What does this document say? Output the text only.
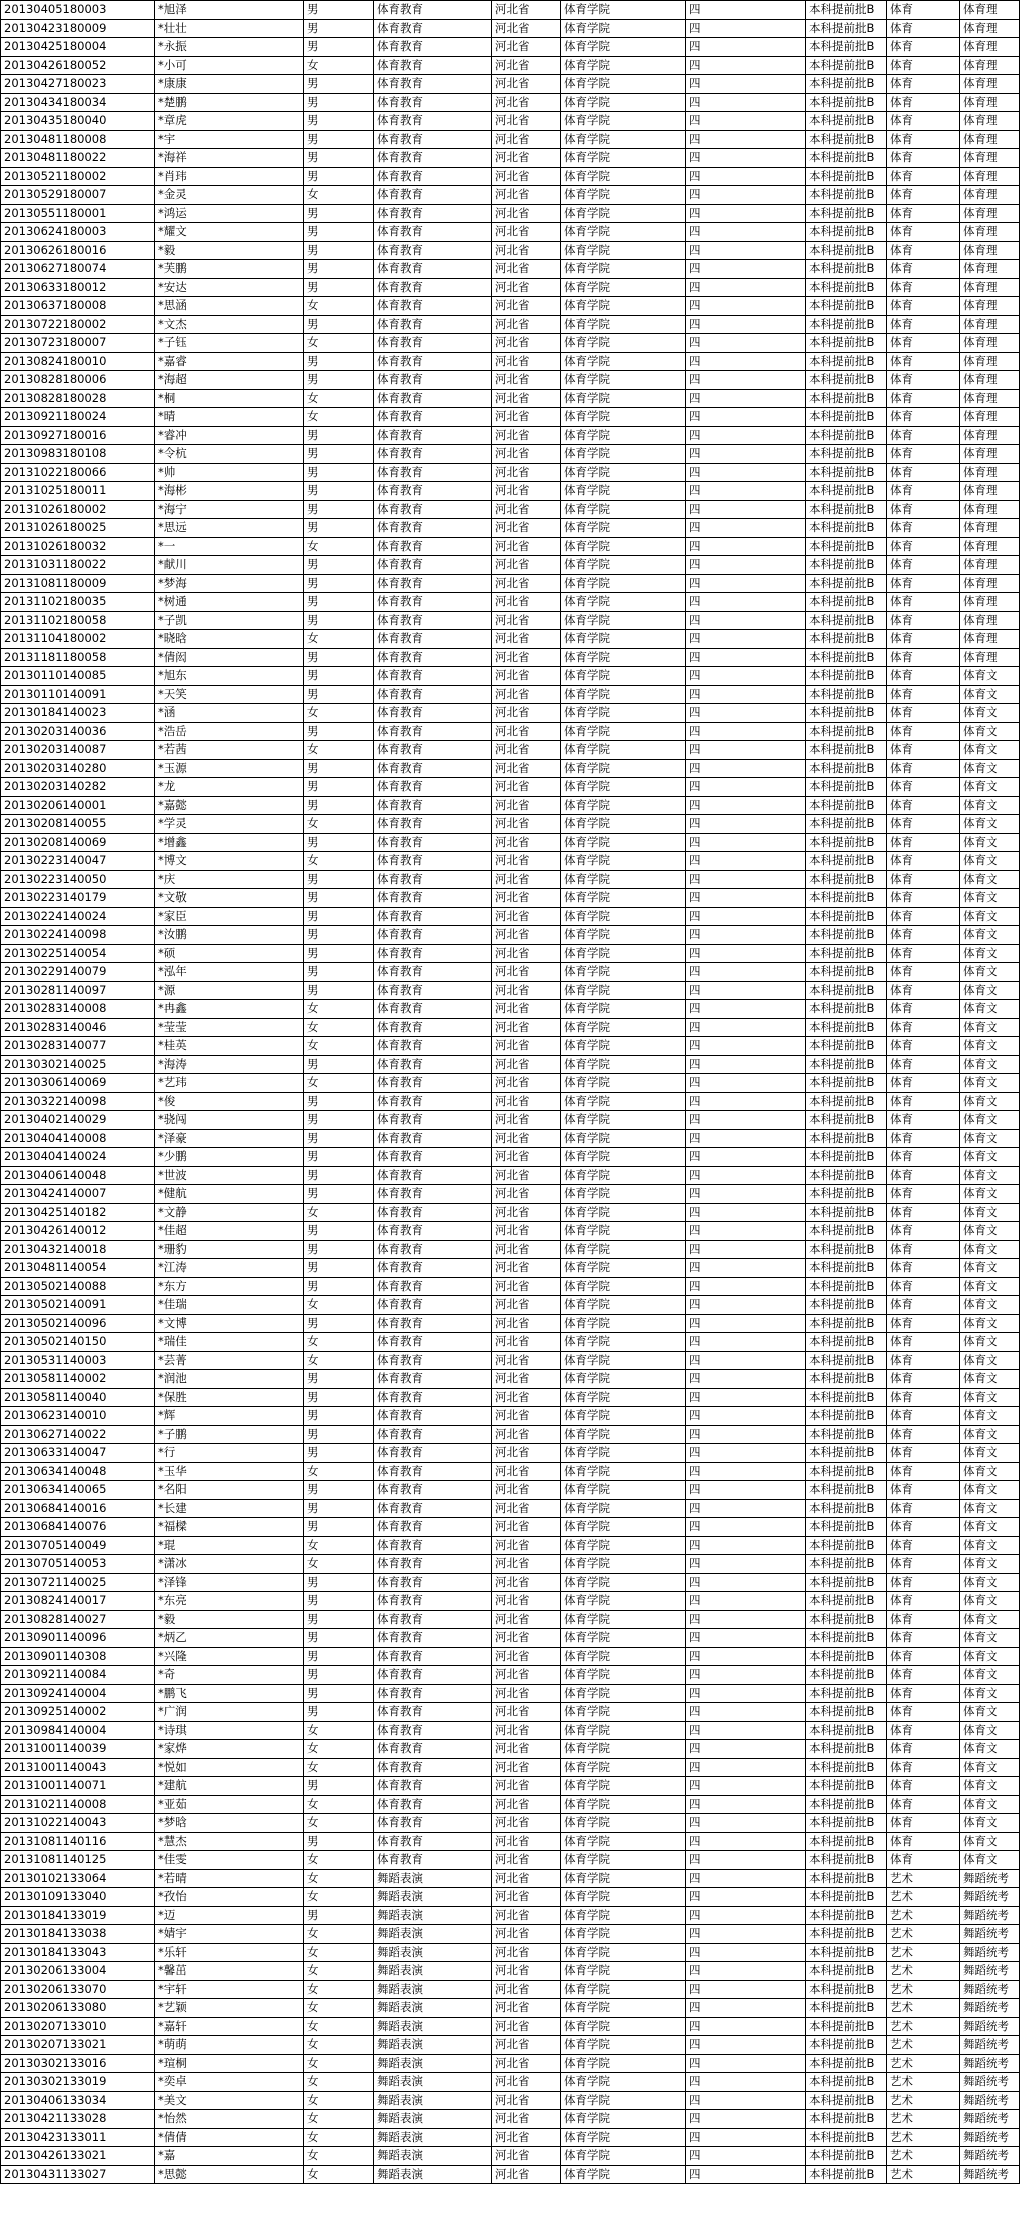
20130405180003	*旭泽	男	体育教育	河北省	体育学院	四	本科提前批B	体育	体育理
20130423180009	*壮壮	男	体育教育	河北省	体育学院	四	本科提前批B	体育	体育理
20130425180004	*永振	男	体育教育	河北省	体育学院	四	本科提前批B	体育	体育理
20130426180052	*小可	女	体育教育	河北省	体育学院	四	本科提前批B	体育	体育理
20130427180023	*康康	男	体育教育	河北省	体育学院	四	本科提前批B	体育	体育理
20130434180034	*楚鹏	男	体育教育	河北省	体育学院	四	本科提前批B	体育	体育理
20130435180040	*章虎	男	体育教育	河北省	体育学院	四	本科提前批B	体育	体育理
20130481180008	*宇	男	体育教育	河北省	体育学院	四	本科提前批B	体育	体育理
20130481180022	*海祥	男	体育教育	河北省	体育学院	四	本科提前批B	体育	体育理
20130521180002	*肖玮	男	体育教育	河北省	体育学院	四	本科提前批B	体育	体育理
20130529180007	*金灵	女	体育教育	河北省	体育学院	四	本科提前批B	体育	体育理
20130551180001	*鸿运	男	体育教育	河北省	体育学院	四	本科提前批B	体育	体育理
20130624180003	*耀文	男	体育教育	河北省	体育学院	四	本科提前批B	体育	体育理
20130626180016	*毅	男	体育教育	河北省	体育学院	四	本科提前批B	体育	体育理
20130627180074	*芙鹏	男	体育教育	河北省	体育学院	四	本科提前批B	体育	体育理
20130633180012	*安达	男	体育教育	河北省	体育学院	四	本科提前批B	体育	体育理
20130637180008	*思涵	女	体育教育	河北省	体育学院	四	本科提前批B	体育	体育理
20130722180002	*文杰	男	体育教育	河北省	体育学院	四	本科提前批B	体育	体育理
20130723180007	*子钰	女	体育教育	河北省	体育学院	四	本科提前批B	体育	体育理
20130824180010	*嘉睿	男	体育教育	河北省	体育学院	四	本科提前批B	体育	体育理
20130828180006	*海超	男	体育教育	河北省	体育学院	四	本科提前批B	体育	体育理
20130828180028	*桐	女	体育教育	河北省	体育学院	四	本科提前批B	体育	体育理
20130921180024	*晴	女	体育教育	河北省	体育学院	四	本科提前批B	体育	体育理
20130927180016	*睿冲	男	体育教育	河北省	体育学院	四	本科提前批B	体育	体育理
20130983180108	*令杭	男	体育教育	河北省	体育学院	四	本科提前批B	体育	体育理
20131022180066	*帅	男	体育教育	河北省	体育学院	四	本科提前批B	体育	体育理
20131025180011	*海彬	男	体育教育	河北省	体育学院	四	本科提前批B	体育	体育理
20131026180002	*海宁	男	体育教育	河北省	体育学院	四	本科提前批B	体育	体育理
20131026180025	*思远	男	体育教育	河北省	体育学院	四	本科提前批B	体育	体育理
20131026180032	*一	女	体育教育	河北省	体育学院	四	本科提前批B	体育	体育理
20131031180022	*献川	男	体育教育	河北省	体育学院	四	本科提前批B	体育	体育理
20131081180009	*梦海	男	体育教育	河北省	体育学院	四	本科提前批B	体育	体育理
20131102180035	*树通	男	体育教育	河北省	体育学院	四	本科提前批B	体育	体育理
20131102180058	*子凯	男	体育教育	河北省	体育学院	四	本科提前批B	体育	体育理
20131104180002	*晓晗	女	体育教育	河北省	体育学院	四	本科提前批B	体育	体育理
20131181180058	*倩闳	男	体育教育	河北省	体育学院	四	本科提前批B	体育	体育理
20130110140085	*旭东	男	体育教育	河北省	体育学院	四	本科提前批B	体育	体育文
20130110140091	*天笑	男	体育教育	河北省	体育学院	四	本科提前批B	体育	体育文
20130184140023	*涵	女	体育教育	河北省	体育学院	四	本科提前批B	体育	体育文
20130203140036	*浩岳	男	体育教育	河北省	体育学院	四	本科提前批B	体育	体育文
20130203140087	*若茜	女	体育教育	河北省	体育学院	四	本科提前批B	体育	体育文
20130203140280	*玉源	男	体育教育	河北省	体育学院	四	本科提前批B	体育	体育文
20130203140282	*龙	男	体育教育	河北省	体育学院	四	本科提前批B	体育	体育文
20130206140001	*嘉懿	男	体育教育	河北省	体育学院	四	本科提前批B	体育	体育文
20130208140055	*学灵	女	体育教育	河北省	体育学院	四	本科提前批B	体育	体育文
20130208140069	*增鑫	男	体育教育	河北省	体育学院	四	本科提前批B	体育	体育文
20130223140047	*博文	女	体育教育	河北省	体育学院	四	本科提前批B	体育	体育文
20130223140050	*庆	男	体育教育	河北省	体育学院	四	本科提前批B	体育	体育文
20130223140179	*文敬	男	体育教育	河北省	体育学院	四	本科提前批B	体育	体育文
20130224140024	*家臣	男	体育教育	河北省	体育学院	四	本科提前批B	体育	体育文
20130224140098	*汝鹏	男	体育教育	河北省	体育学院	四	本科提前批B	体育	体育文
20130225140054	*硕	男	体育教育	河北省	体育学院	四	本科提前批B	体育	体育文
20130229140079	*泓年	男	体育教育	河北省	体育学院	四	本科提前批B	体育	体育文
20130281140097	*源	男	体育教育	河北省	体育学院	四	本科提前批B	体育	体育文
20130283140008	*冉鑫	女	体育教育	河北省	体育学院	四	本科提前批B	体育	体育文
20130283140046	*莹莹	女	体育教育	河北省	体育学院	四	本科提前批B	体育	体育文
20130283140077	*桂英	女	体育教育	河北省	体育学院	四	本科提前批B	体育	体育文
20130302140025	*海涛	男	体育教育	河北省	体育学院	四	本科提前批B	体育	体育文
20130306140069	*艺玮	女	体育教育	河北省	体育学院	四	本科提前批B	体育	体育文
20130322140098	*俊	男	体育教育	河北省	体育学院	四	本科提前批B	体育	体育文
20130402140029	*骁闯	男	体育教育	河北省	体育学院	四	本科提前批B	体育	体育文
20130404140008	*泽豪	男	体育教育	河北省	体育学院	四	本科提前批B	体育	体育文
20130404140024	*少鹏	男	体育教育	河北省	体育学院	四	本科提前批B	体育	体育文
20130406140048	*世波	男	体育教育	河北省	体育学院	四	本科提前批B	体育	体育文
20130424140007	*健航	男	体育教育	河北省	体育学院	四	本科提前批B	体育	体育文
20130425140182	*文静	女	体育教育	河北省	体育学院	四	本科提前批B	体育	体育文
20130426140012	*佳超	男	体育教育	河北省	体育学院	四	本科提前批B	体育	体育文
20130432140018	*珊豹	男	体育教育	河北省	体育学院	四	本科提前批B	体育	体育文
20130481140054	*江涛	男	体育教育	河北省	体育学院	四	本科提前批B	体育	体育文
20130502140088	*东方	男	体育教育	河北省	体育学院	四	本科提前批B	体育	体育文
20130502140091	*佳瑞	女	体育教育	河北省	体育学院	四	本科提前批B	体育	体育文
20130502140096	*文博	男	体育教育	河北省	体育学院	四	本科提前批B	体育	体育文
20130502140150	*瑞佳	女	体育教育	河北省	体育学院	四	本科提前批B	体育	体育文
20130531140003	*芸菁	女	体育教育	河北省	体育学院	四	本科提前批B	体育	体育文
20130581140002	*润池	男	体育教育	河北省	体育学院	四	本科提前批B	体育	体育文
20130581140040	*保胜	男	体育教育	河北省	体育学院	四	本科提前批B	体育	体育文
20130623140010	*辉	男	体育教育	河北省	体育学院	四	本科提前批B	体育	体育文
20130627140022	*子鹏	男	体育教育	河北省	体育学院	四	本科提前批B	体育	体育文
20130633140047	*行	男	体育教育	河北省	体育学院	四	本科提前批B	体育	体育文
20130634140048	*玉华	女	体育教育	河北省	体育学院	四	本科提前批B	体育	体育文
20130634140065	*名阳	男	体育教育	河北省	体育学院	四	本科提前批B	体育	体育文
20130684140016	*长建	男	体育教育	河北省	体育学院	四	本科提前批B	体育	体育文
20130684140076	*福樑	男	体育教育	河北省	体育学院	四	本科提前批B	体育	体育文
20130705140049	*琨	女	体育教育	河北省	体育学院	四	本科提前批B	体育	体育文
20130705140053	*潇冰	女	体育教育	河北省	体育学院	四	本科提前批B	体育	体育文
20130721140025	*泽锋	男	体育教育	河北省	体育学院	四	本科提前批B	体育	体育文
20130824140017	*东亮	男	体育教育	河北省	体育学院	四	本科提前批B	体育	体育文
20130828140027	*毅	男	体育教育	河北省	体育学院	四	本科提前批B	体育	体育文
20130901140096	*炳乙	男	体育教育	河北省	体育学院	四	本科提前批B	体育	体育文
20130901140308	*兴隆	男	体育教育	河北省	体育学院	四	本科提前批B	体育	体育文
20130921140084	*奇	男	体育教育	河北省	体育学院	四	本科提前批B	体育	体育文
20130924140004	*鹏飞	男	体育教育	河北省	体育学院	四	本科提前批B	体育	体育文
20130925140002	*广润	男	体育教育	河北省	体育学院	四	本科提前批B	体育	体育文
20130984140004	*诗琪	女	体育教育	河北省	体育学院	四	本科提前批B	体育	体育文
20131001140039	*家烨	女	体育教育	河北省	体育学院	四	本科提前批B	体育	体育文
20131001140043	*悦如	女	体育教育	河北省	体育学院	四	本科提前批B	体育	体育文
20131001140071	*建航	男	体育教育	河北省	体育学院	四	本科提前批B	体育	体育文
20131021140008	*亚茹	女	体育教育	河北省	体育学院	四	本科提前批B	体育	体育文
20131022140043	*梦晗	女	体育教育	河北省	体育学院	四	本科提前批B	体育	体育文
20131081140116	*慧杰	男	体育教育	河北省	体育学院	四	本科提前批B	体育	体育文
20131081140125	*佳雯	女	体育教育	河北省	体育学院	四	本科提前批B	体育	体育文
20130102133064	*若晴	女	舞蹈表演	河北省	体育学院	四	本科提前批B	艺术	舞蹈统考
20130109133040	*孜怡	女	舞蹈表演	河北省	体育学院	四	本科提前批B	艺术	舞蹈统考
20130184133019	*迈	男	舞蹈表演	河北省	体育学院	四	本科提前批B	艺术	舞蹈统考
20130184133038	*婧宇	女	舞蹈表演	河北省	体育学院	四	本科提前批B	艺术	舞蹈统考
20130184133043	*乐轩	女	舞蹈表演	河北省	体育学院	四	本科提前批B	艺术	舞蹈统考
20130206133004	*馨茁	女	舞蹈表演	河北省	体育学院	四	本科提前批B	艺术	舞蹈统考
20130206133070	*宇轩	女	舞蹈表演	河北省	体育学院	四	本科提前批B	艺术	舞蹈统考
20130206133080	*艺颖	女	舞蹈表演	河北省	体育学院	四	本科提前批B	艺术	舞蹈统考
20130207133010	*嘉轩	女	舞蹈表演	河北省	体育学院	四	本科提前批B	艺术	舞蹈统考
20130207133021	*萌萌	女	舞蹈表演	河北省	体育学院	四	本科提前批B	艺术	舞蹈统考
20130302133016	*瑄桐	女	舞蹈表演	河北省	体育学院	四	本科提前批B	艺术	舞蹈统考
20130302133019	*奕卓	女	舞蹈表演	河北省	体育学院	四	本科提前批B	艺术	舞蹈统考
20130406133034	*美文	女	舞蹈表演	河北省	体育学院	四	本科提前批B	艺术	舞蹈统考
20130421133028	*怡然	女	舞蹈表演	河北省	体育学院	四	本科提前批B	艺术	舞蹈统考
20130423133011	*倩倩	女	舞蹈表演	河北省	体育学院	四	本科提前批B	艺术	舞蹈统考
20130426133021	*嘉	女	舞蹈表演	河北省	体育学院	四	本科提前批B	艺术	舞蹈统考
20130431133027	*思懿	女	舞蹈表演	河北省	体育学院	四	本科提前批B	艺术	舞蹈统考
